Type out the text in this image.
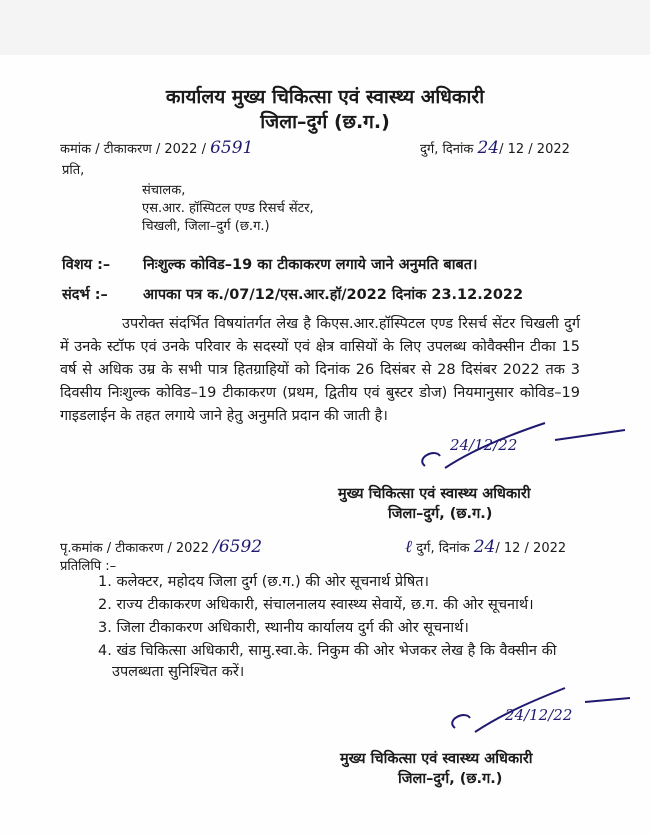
कार्यालय मुख्य चिकित्सा एवं स्वास्थ्य अधिकारी
जिला–दुर्ग (छ.ग.)
कमांक / टीकाकरण / 2022 / 6591	दुर्ग, दिनांक 24/ 12 / 2022
प्रति,
संचालक,
एस.आर. हॉस्पिटल एण्ड रिसर्च सेंटर,
चिखली, जिला–दुर्ग (छ.ग.)
विशय :– निःशुल्क कोविड–19 का टीकाकरण लगाये जाने अनुमति बाबत।
संदर्भ :– आपका पत्र क./07/12/एस.आर.हॉ/2022 दिनांक 23.12.2022
उपरोक्त संदर्भित विषयांतर्गत लेख है किएस.आर.हॉस्पिटल एण्ड रिसर्च सेंटर चिखली दुर्ग में उनके स्टॉफ एवं उनके परिवार के सदस्यों एवं क्षेत्र वासियों के लिए उपलब्ध कोवैक्सीन टीका 15 वर्ष से अधिक उम्र के सभी पात्र हितग्राहियों को दिनांक 26 दिसंबर से 28 दिसंबर 2022 तक 3 दिवसीय निःशुल्क कोविड–19 टीकाकरण (प्रथम, द्वितीय एवं बुस्टर डोज) नियमानुसार कोविड–19 गाइडलाईन के तहत लगाये जाने हेतु अनुमति प्रदान की जाती है।
24/12/22
मुख्य चिकित्सा एवं स्वास्थ्य अधिकारी
जिला–दुर्ग, (छ.ग.)
पृ.कमांक / टीकाकरण / 2022 /6592	ℓ दुर्ग, दिनांक 24/ 12 / 2022
प्रतिलिपि :–
1. कलेक्टर, महोदय जिला दुर्ग (छ.ग.) की ओर सूचनार्थ प्रेषित।
2. राज्य टीकाकरण अधिकारी, संचालनालय स्वास्थ्य सेवायें, छ.ग. की ओर सूचनार्थ।
3. जिला टीकाकरण अधिकारी, स्थानीय कार्यालय दुर्ग की ओर सूचनार्थ।
4. खंड चिकित्सा अधिकारी, सामु.स्वा.के. निकुम की ओर भेजकर लेख है कि वैक्सीन की उपलब्धता सुनिश्चित करें।
24/12/22
मुख्य चिकित्सा एवं स्वास्थ्य अधिकारी
जिला–दुर्ग, (छ.ग.)
